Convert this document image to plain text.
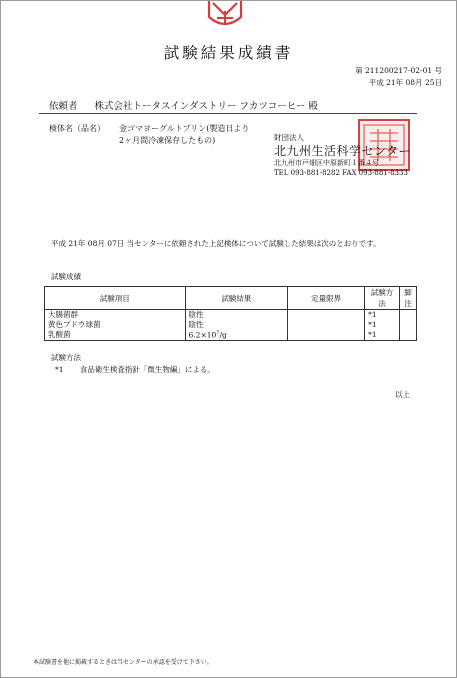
試験結果成績書
第 211200217-02-01 号
平成 21年 08月 25日
依頼者 株式会社トータスインダストリー フカツコーヒー 殿
検体名（品名） 金ゴマヨーグルトプリン(製造日より
2ヶ月間冷凍保存したもの)	財団法人
北九州生活科学センター
北九州市戸畑区中原新町１番４号
TEL 093-881-8282 FAX 093-881-8333
平成 21年 08月 07日 当センターに依頼された上記検体について試験した結果は次のとおりです。
試験成績
試験項目	試験結果	定量限界	試験方法	脚注
大腸菌群	陰性		*1	
黄色ブドウ球菌	陰性		*1	
乳酸菌	$6.2\times 10^7/g$		*1	
試験方法
*1 食品衛生検査指針「微生物編」による。
以上
本試験書を他に掲載するときは当センターの承認を受けて下さい。
